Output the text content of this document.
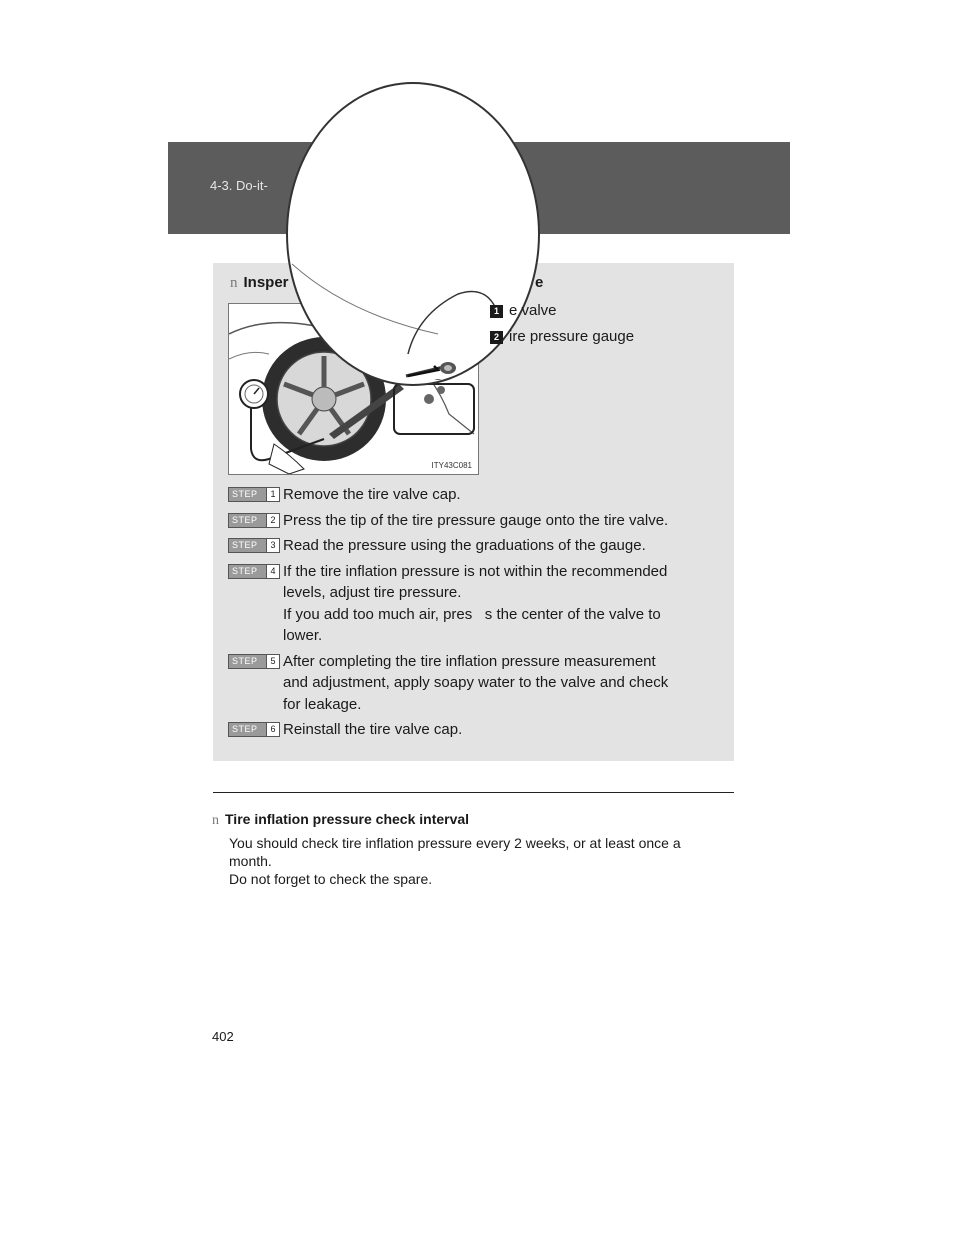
4-3. Do-it-
n Insper	e
ITY43C081
1 e valve
2 ire pressure gauge
STEP	1 Remove the tire valve cap.
STEP	2 Press the tip of the tire pressure gauge onto the tire valve.
STEP	3 Read the pressure using the graduations of the gauge.
STEP	4 If the tire inflation pressure is not within the recommended
levels, adjust tire pressure.
If you add too much air, pres   s the center of the valve to
lower.
STEP	5 After completing the tire inflation pressure measurement
and adjustment, apply soapy water to the valve and check
for leakage.
STEP	6 Reinstall the tire valve cap.
n Tire inflation pressure check interval

You should check tire inflation pressure every 2 weeks, or at least once a

month.

Do not forget to check the spare.

402
